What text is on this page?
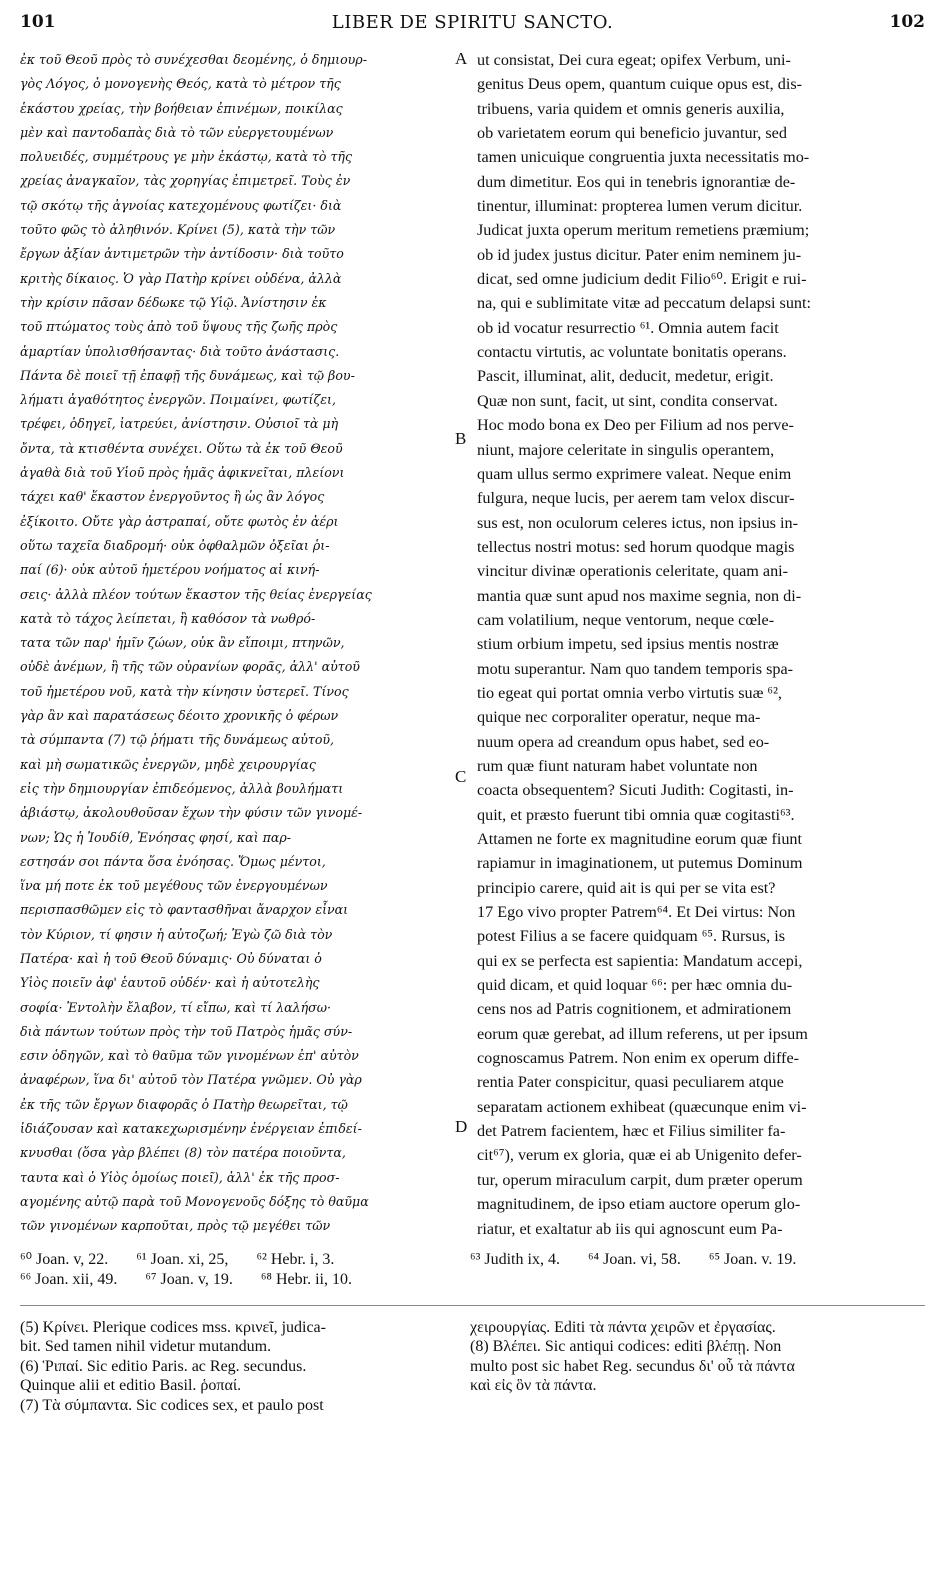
101	LIBER DE SPIRITU SANCTO.	102
ἐκ τοῦ Θεοῦ πρὸς τὸ συνέχεσθαι δεομένης, ὁ δημιουρ-
γὸς Λόγος, ὁ μονογενὴς Θεός, κατὰ τὸ μέτρον τῆς
ἑκάστου χρείας, τὴν βοήθειαν ἐπινέμων, ποικίλας
μὲν καὶ παντοδαπὰς διὰ τὸ τῶν εὐεργετουμένων
πολυειδές, συμμέτρους γε μὴν ἑκάστῳ, κατὰ τὸ τῆς
χρείας ἀναγκαῖον, τὰς χορηγίας ἐπιμετρεῖ. Τοὺς ἐν
τῷ σκότῳ τῆς ἀγνοίας κατεχομένους φωτίζει· διὰ
τοῦτο φῶς τὸ ἀληθινόν. Κρίνει (5), κατὰ τὴν τῶν
ἔργων ἀξίαν ἀντιμετρῶν τὴν ἀντίδοσιν· διὰ τοῦτο
κριτὴς δίκαιος. Ὁ γὰρ Πατὴρ κρίνει οὐδένα, ἀλλὰ
τὴν κρίσιν πᾶσαν δέδωκε τῷ Υἱῷ. Ἀνίστησιν ἐκ
τοῦ πτώματος τοὺς ἀπὸ τοῦ ὕψους τῆς ζωῆς πρὸς
ἁμαρτίαν ὑπολισθήσαντας· διὰ τοῦτο ἀνάστασις.
Πάντα δὲ ποιεῖ τῇ ἐπαφῇ τῆς δυνάμεως, καὶ τῷ βου-
λήματι ἀγαθότητος ἐνεργῶν. Ποιμαίνει, φωτίζει,
τρέφει, ὁδηγεῖ, ἰατρεύει, ἀνίστησιν. Οὐσιοῖ τὰ μὴ
ὄντα, τὰ κτισθέντα συνέχει. Οὕτω τὰ ἐκ τοῦ Θεοῦ
ἀγαθὰ διὰ τοῦ Υἱοῦ πρὸς ἡμᾶς ἀφικνεῖται, πλείονι
τάχει καθ' ἕκαστον ἐνεργοῦντος ἢ ὡς ἂν λόγος
ἐξίκοιτο. Οὔτε γὰρ ἀστραπαί, οὔτε φωτὸς ἐν ἀέρι
οὕτω ταχεῖα διαδρομή· οὐκ ὀφθαλμῶν ὀξεῖαι ῥι-
παί (6)· οὐκ αὐτοῦ ἡμετέρου νοήματος αἱ κινή-
σεις· ἀλλὰ πλέον τούτων ἕκαστον τῆς θείας ἐνεργείας
κατὰ τὸ τάχος λείπεται, ἢ καθόσον τὰ νωθρό-
τατα τῶν παρ' ἡμῖν ζώων, οὐκ ἂν εἴποιμι, πτηνῶν,
οὐδὲ ἀνέμων, ἢ τῆς τῶν οὐρανίων φορᾶς, ἀλλ' αὐτοῦ
τοῦ ἡμετέρου νοῦ, κατὰ τὴν κίνησιν ὑστερεῖ. Τίνος
γὰρ ἂν καὶ παρατάσεως δέοιτο χρονικῆς ὁ φέρων
τὰ σύμπαντα (7) τῷ ῥήματι τῆς δυνάμεως αὐτοῦ,
καὶ μὴ σωματικῶς ἐνεργῶν, μηδὲ χειρουργίας
εἰς τὴν δημιουργίαν ἐπιδεόμενος, ἀλλὰ βουλήματι
ἀβιάστῳ, ἀκολουθοῦσαν ἔχων τὴν φύσιν τῶν γινομέ-
νων; Ὡς ἡ Ἰουδίθ, Ἐνόησας φησί, καὶ παρ-
εστησάν σοι πάντα ὅσα ἐνόησας. Ὅμως μέντοι,
ἵνα μή ποτε ἐκ τοῦ μεγέθους τῶν ἐνεργουμένων
περισπασθῶμεν εἰς τὸ φαντασθῆναι ἄναρχον εἶναι
τὸν Κύριον, τί φησιν ἡ αὐτοζωή; Ἐγὼ ζῶ διὰ τὸν
Πατέρα· καὶ ἡ τοῦ Θεοῦ δύναμις· Οὐ δύναται ὁ
Υἱὸς ποιεῖν ἀφ' ἑαυτοῦ οὐδέν· καὶ ἡ αὐτοτελὴς
σοφία· Ἐντολὴν ἔλαβον, τί εἴπω, καὶ τί λαλήσω·
διὰ πάντων τούτων πρὸς τὴν τοῦ Πατρὸς ἡμᾶς σύν-
εσιν ὁδηγῶν, καὶ τὸ θαῦμα τῶν γινομένων ἐπ' αὐτὸν
ἀναφέρων, ἵνα δι' αὐτοῦ τὸν Πατέρα γνῶμεν. Οὐ γὰρ
ἐκ τῆς τῶν ἔργων διαφορᾶς ὁ Πατὴρ θεωρεῖται, τῷ
ἰδιάζουσαν καὶ κατακεχωρισμένην ἐνέργειαν ἐπιδεί-
κνυσθαι (ὅσα γὰρ βλέπει (8) τὸν πατέρα ποιοῦντα,
ταυτα καὶ ὁ Υἱὸς ὁμοίως ποιεῖ), ἀλλ' ἐκ τῆς προσ-
αγομένης αὐτῷ παρὰ τοῦ Μονογενοῦς δόξης τὸ θαῦμα
τῶν γινομένων καρποῦται, πρὸς τῷ μεγέθει τῶν
A
B
C
D
ut consistat, Dei cura egeat; opifex Verbum, uni-
genitus Deus opem, quantum cuique opus est, dis-
tribuens, varia quidem et omnis generis auxilia,
ob varietatem eorum qui beneficio juvantur, sed
tamen unicuique congruentia juxta necessitatis mo-
dum dimetitur. Eos qui in tenebris ignorantiæ de-
tinentur, illuminat: propterea lumen verum dicitur.
Judicat juxta operum meritum remetiens præmium;
ob id judex justus dicitur. Pater enim neminem ju-
dicat, sed omne judicium dedit Filio⁶⁰. Erigit e rui-
na, qui e sublimitate vitæ ad peccatum delapsi sunt:
ob id vocatur resurrectio ⁶¹. Omnia autem facit
contactu virtutis, ac voluntate bonitatis operans.
Pascit, illuminat, alit, deducit, medetur, erigit.
Quæ non sunt, facit, ut sint, condita conservat.
Hoc modo bona ex Deo per Filium ad nos perve-
niunt, majore celeritate in singulis operantem,
quam ullus sermo exprimere valeat. Neque enim
fulgura, neque lucis, per aerem tam velox discur-
sus est, non oculorum celeres ictus, non ipsius in-
tellectus nostri motus: sed horum quodque magis
vincitur divinæ operationis celeritate, quam ani-
mantia quæ sunt apud nos maxime segnia, non di-
cam volatilium, neque ventorum, neque cœle-
stium orbium impetu, sed ipsius mentis nostræ
motu superantur. Nam quo tandem temporis spa-
tio egeat qui portat omnia verbo virtutis suæ ⁶²,
quique nec corporaliter operatur, neque ma-
nuum opera ad creandum opus habet, sed eo-
rum quæ fiunt naturam habet voluntate non
coacta obsequentem? Sicuti Judith: Cogitasti, in-
quit, et præsto fuerunt tibi omnia quæ cogitasti⁶³.
Attamen ne forte ex magnitudine eorum quæ fiunt
rapiamur in imaginationem, ut putemus Dominum
principio carere, quid ait is qui per se vita est?
17 Ego vivo propter Patrem⁶⁴. Et Dei virtus: Non
potest Filius a se facere quidquam ⁶⁵. Rursus, is
qui ex se perfecta est sapientia: Mandatum accepi,
quid dicam, et quid loquar ⁶⁶: per hæc omnia du-
cens nos ad Patris cognitionem, et admirationem
eorum quæ gerebat, ad illum referens, ut per ipsum
cognoscamus Patrem. Non enim ex operum diffe-
rentia Pater conspicitur, quasi peculiarem atque
separatam actionem exhibeat (quæcunque enim vi-
det Patrem facientem, hæc et Filius similiter fa-
cit⁶⁷), verum ex gloria, quæ ei ab Unigenito defer-
tur, operum miraculum carpit, dum præter operum
magnitudinem, de ipso etiam auctore operum glo-
riatur, et exaltatur ab iis qui agnoscunt eum Pa-
⁶⁰ Joan. v, 22. ⁶¹ Joan. xi, 25, ⁶² Hebr. i, 3.
⁶⁶ Joan. xii, 49. ⁶⁷ Joan. v, 19. ⁶⁸ Hebr. ii, 10.
⁶³ Judith ix, 4. ⁶⁴ Joan. vi, 58. ⁶⁵ Joan. v. 19.
(5) Κρίνει. Plerique codices mss. κρινεῖ, judica-
bit. Sed tamen nihil videtur mutandum.
(6) Ῥιπαί. Sic editio Paris. ac Reg. secundus.
Quinque alii et editio Basil. ῥοπαί.
(7) Τὰ σύμπαντα. Sic codices sex, et paulo post
χειρουργίας. Editi τὰ πάντα χειρῶν et ἐργασίας.
(8) Βλέπει. Sic antiqui codices: editi βλέπῃ. Non
multo post sic habet Reg. secundus δι' οὗ τὰ πάντα
καὶ εἰς ὃν τὰ πάντα.
